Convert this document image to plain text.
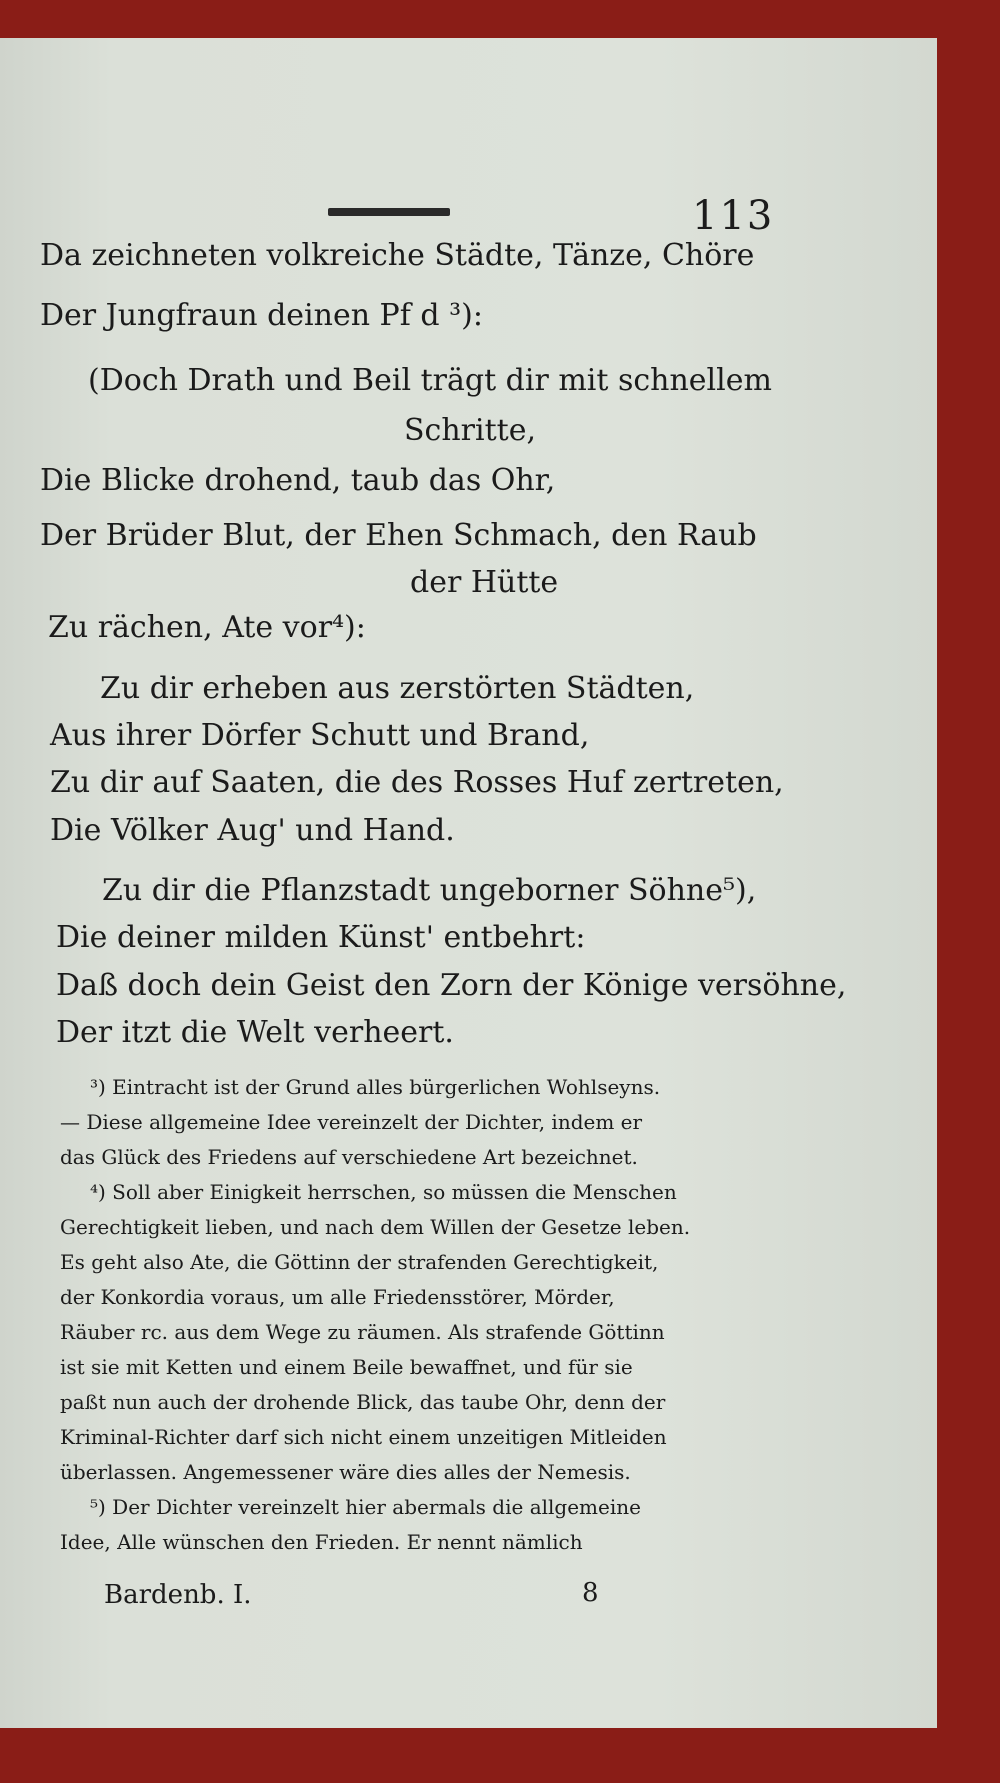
113
Da zeichneten volkreiche Städte, Tänze, Chöre
Der Jungfraun deinen Pf d ³):
(Doch Drath und Beil trägt dir mit schnellem
Schritte,
Die Blicke drohend, taub das Ohr,
Der Brüder Blut, der Ehen Schmach, den Raub
der Hütte
Zu rächen, Ate vor⁴):
Zu dir erheben aus zerstörten Städten,
Aus ihrer Dörfer Schutt und Brand,
Zu dir auf Saaten, die des Rosses Huf zertreten,
Die Völker Aug' und Hand.
Zu dir die Pflanzstadt ungeborner Söhne⁵),
Die deiner milden Künst' entbehrt:
Daß doch dein Geist den Zorn der Könige versöhne,
Der itzt die Welt verheert.
³) Eintracht ist der Grund alles bürgerlichen Wohlseyns.
— Diese allgemeine Idee vereinzelt der Dichter, indem er
das Glück des Friedens auf verschiedene Art bezeichnet.
⁴) Soll aber Einigkeit herrschen, so müssen die Menschen
Gerechtigkeit lieben, und nach dem Willen der Gesetze leben.
Es geht also Ate, die Göttinn der strafenden Gerechtigkeit,
der Konkordia voraus, um alle Friedensstörer, Mörder,
Räuber rc. aus dem Wege zu räumen. Als strafende Göttinn
ist sie mit Ketten und einem Beile bewaffnet, und für sie
paßt nun auch der drohende Blick, das taube Ohr, denn der
Kriminal-Richter darf sich nicht einem unzeitigen Mitleiden
überlassen. Angemessener wäre dies alles der Nemesis.
⁵) Der Dichter vereinzelt hier abermals die allgemeine
Idee, Alle wünschen den Frieden. Er nennt nämlich
Bardenb. I.	8
